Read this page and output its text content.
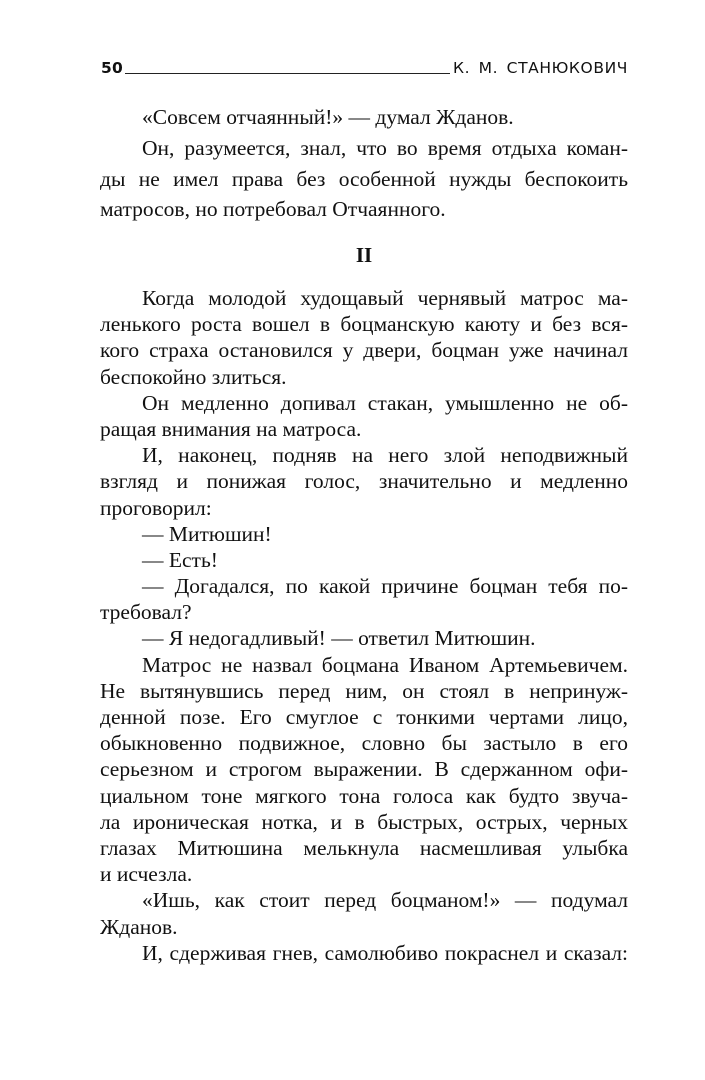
50	К. М. СТАНЮКОВИЧ
«Совсем отчаянный!» — думал Жданов.
Он, разумеется, знал, что во время отдыха коман-
ды не имел права без особенной нужды беспокоить
матросов, но потребовал Отчаянного.
II
Когда молодой худощавый чернявый матрос ма-
ленького роста вошел в боцманскую каюту и без вся-
кого страха остановился у двери, боцман уже начинал
беспокойно злиться.
Он медленно допивал стакан, умышленно не об-
ращая внимания на матроса.
И, наконец, подняв на него злой неподвижный
взгляд и понижая голос, значительно и медленно
проговорил:
— Митюшин!
— Есть!
— Догадался, по какой причине боцман тебя по-
требовал?
— Я недогадливый! — ответил Митюшин.
Матрос не назвал боцмана Иваном Артемьевичем.
Не вытянувшись перед ним, он стоял в непринуж-
денной позе. Его смуглое с тонкими чертами лицо,
обыкновенно подвижное, словно бы застыло в его
серьезном и строгом выражении. В сдержанном офи-
циальном тоне мягкого тона голоса как будто звуча-
ла ироническая нотка, и в быстрых, острых, черных
глазах Митюшина мелькнула насмешливая улыбка
и исчезла.
«Ишь, как стоит перед боцманом!» — подумал
Жданов.
И, сдерживая гнев, самолюбиво покраснел и сказал:
